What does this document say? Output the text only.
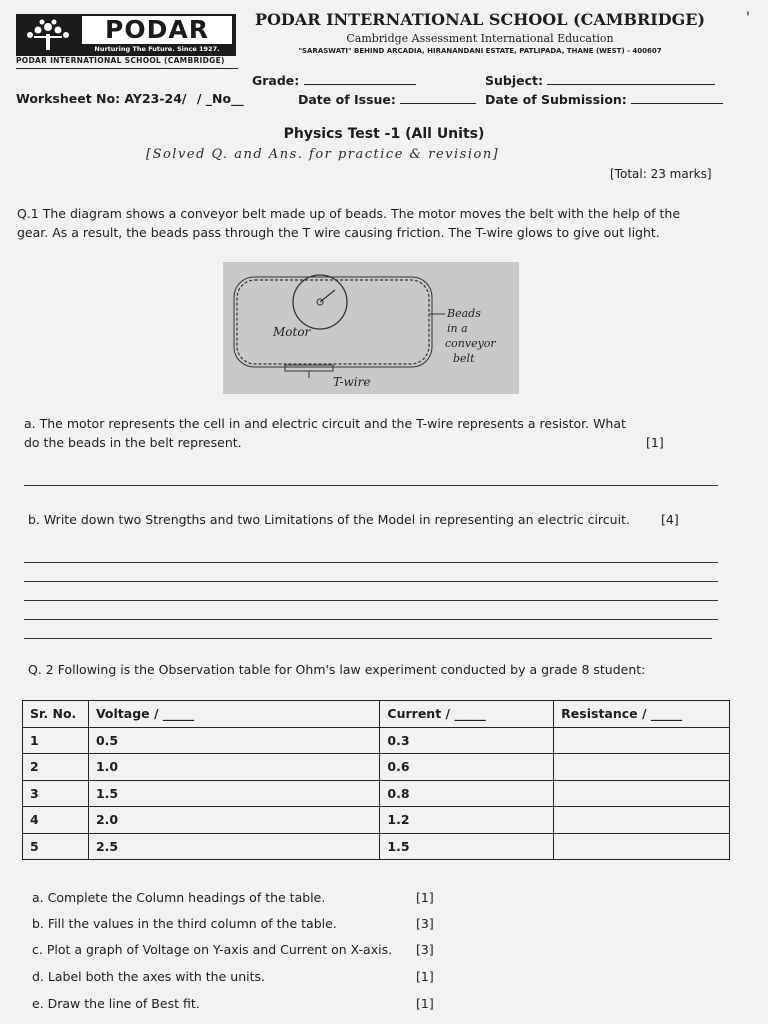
PODAR
Nurturing The Future. Since 1927.
PODAR INTERNATIONAL SCHOOL (CAMBRIDGE)
PODAR INTERNATIONAL SCHOOL (CAMBRIDGE)
Cambridge Assessment International Education
"SARASWATI" BEHIND ARCADIA, HIRANANDANI ESTATE, PATLIPADA, THANE (WEST) - 400607
'
Grade:	Subject:
Worksheet No: AY23-24/ / _No__	Date of Issue:	Date of Submission:
Physics Test -1 (All Units)
[Solved Q. and Ans. for practice & revision]
[Total: 23 marks]
Q.1 The diagram shows a conveyor belt made up of beads. The motor moves the belt with the help of the gear. As a result, the beads pass through the T wire causing friction. The T-wire glows to give out light.
Motor
T-wire
Beads
in a
conveyor
belt
a. The motor represents the cell in and electric circuit and the T-wire represents a resistor. What do the beads in the belt represent.	[1]
b. Write down two Strengths and two Limitations of the Model in representing an electric circuit.	[4]
Q. 2 Following is the Observation table for Ohm's law experiment conducted by a grade 8 student:
Sr. No.	Voltage / _____	Current / _____	Resistance / _____
1	0.5	0.3	
2	1.0	0.6	
3	1.5	0.8	
4	2.0	1.2	
5	2.5	1.5	
a. Complete the Column headings of the table.	[1]
b. Fill the values in the third column of the table.	[3]
c. Plot a graph of Voltage on Y-axis and Current on X-axis. [3]
d. Label both the axes with the units.	[1]
e. Draw the line of Best fit.	[1]
